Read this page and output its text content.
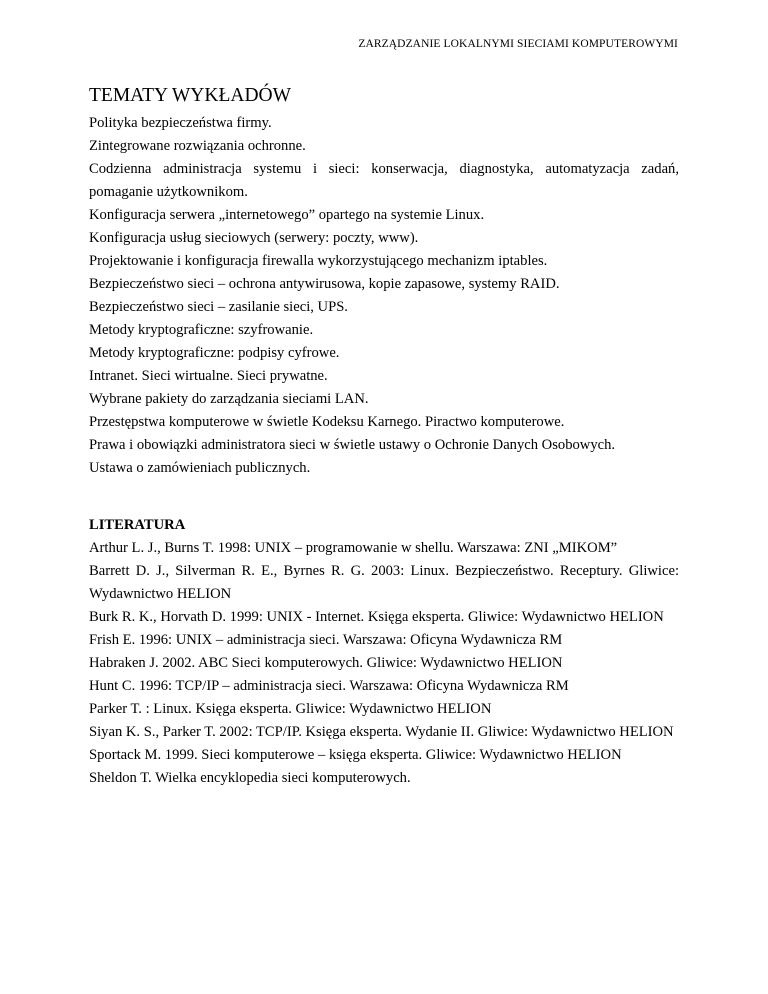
ZARZĄDZANIE LOKALNYMI SIECIAMI KOMPUTEROWYMI
TEMATY WYKŁADÓW

Polityka bezpieczeństwa firmy.

Zintegrowane rozwiązania ochronne.

Codzienna administracja systemu i sieci: konserwacja, diagnostyka, automatyzacja zadań, pomaganie użytkownikom.

Konfiguracja serwera „internetowego” opartego na systemie Linux.

Konfiguracja usług sieciowych (serwery: poczty, www).

Projektowanie i konfiguracja firewalla wykorzystującego mechanizm iptables.

Bezpieczeństwo sieci – ochrona antywirusowa, kopie zapasowe, systemy RAID.

Bezpieczeństwo sieci – zasilanie sieci, UPS.

Metody kryptograficzne: szyfrowanie.

Metody kryptograficzne: podpisy cyfrowe.

Intranet. Sieci wirtualne. Sieci prywatne.

Wybrane pakiety do zarządzania sieciami LAN.

Przestępstwa komputerowe w świetle Kodeksu Karnego. Piractwo komputerowe.

Prawa i obowiązki administratora sieci w świetle ustawy o Ochronie Danych Osobowych.

Ustawa o zamówieniach publicznych.

LITERATURA

Arthur L. J., Burns T. 1998: UNIX – programowanie w shellu. Warszawa: ZNI „MIKOM”

Barrett D. J., Silverman R. E., Byrnes R. G. 2003: Linux. Bezpieczeństwo. Receptury. Gliwice: Wydawnictwo HELION

Burk R. K., Horvath D. 1999: UNIX - Internet. Księga eksperta. Gliwice: Wydawnictwo HELION

Frish E. 1996: UNIX – administracja sieci. Warszawa: Oficyna Wydawnicza RM

Habraken J. 2002. ABC Sieci komputerowych. Gliwice: Wydawnictwo HELION

Hunt C. 1996: TCP/IP – administracja sieci. Warszawa: Oficyna Wydawnicza RM

Parker T. : Linux. Księga eksperta. Gliwice: Wydawnictwo HELION

Siyan K. S., Parker T. 2002: TCP/IP. Księga eksperta. Wydanie II. Gliwice: Wydawnictwo HELION

Sportack M. 1999. Sieci komputerowe – księga eksperta. Gliwice: Wydawnictwo HELION

Sheldon T. Wielka encyklopedia sieci komputerowych.
